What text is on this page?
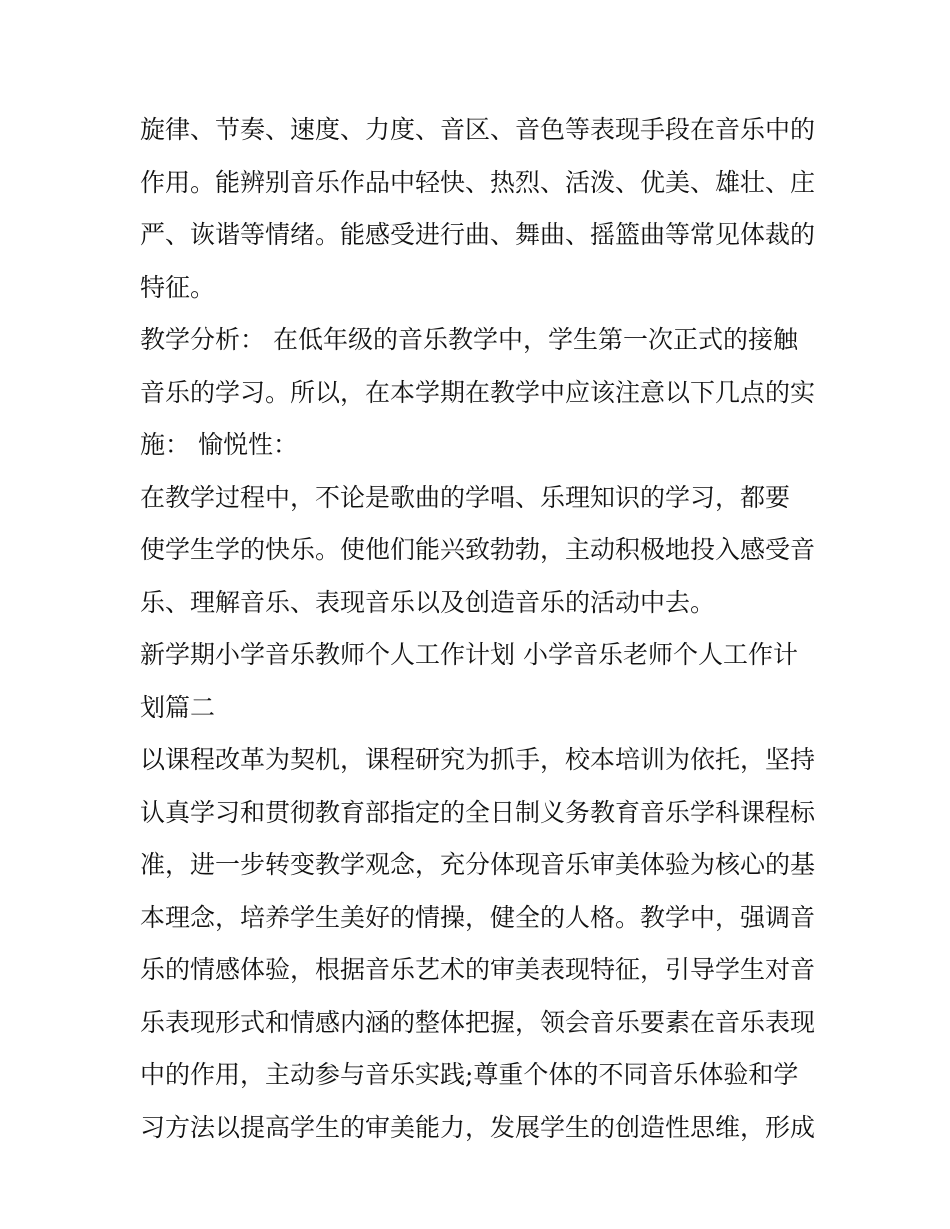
旋律、节奏、速度、力度、音区、音色等表现手段在音乐中的
作用。能辨别音乐作品中轻快、热烈、活泼、优美、雄壮、庄
严、诙谐等情绪。能感受进行曲、舞曲、摇篮曲等常见体裁的
特征。
教学分析： 在低年级的音乐教学中，学生第一次正式的接触
音乐的学习。所以，在本学期在教学中应该注意以下几点的实
施： 愉悦性：
在教学过程中，不论是歌曲的学唱、乐理知识的学习，都要
使学生学的快乐。使他们能兴致勃勃，主动积极地投入感受音
乐、理解音乐、表现音乐以及创造音乐的活动中去。
新学期小学音乐教师个人工作计划 小学音乐老师个人工作计
划篇二
以课程改革为契机，课程研究为抓手，校本培训为依托，坚持
认真学习和贯彻教育部指定的全日制义务教育音乐学科课程标
准，进一步转变教学观念，充分体现音乐审美体验为核心的基
本理念，培养学生美好的情操，健全的人格。教学中，强调音
乐的情感体验，根据音乐艺术的审美表现特征，引导学生对音
乐表现形式和情感内涵的整体把握，领会音乐要素在音乐表现
中的作用，主动参与音乐实践;尊重个体的不同音乐体验和学
习方法以提高学生的审美能力，发展学生的创造性思维，形成
